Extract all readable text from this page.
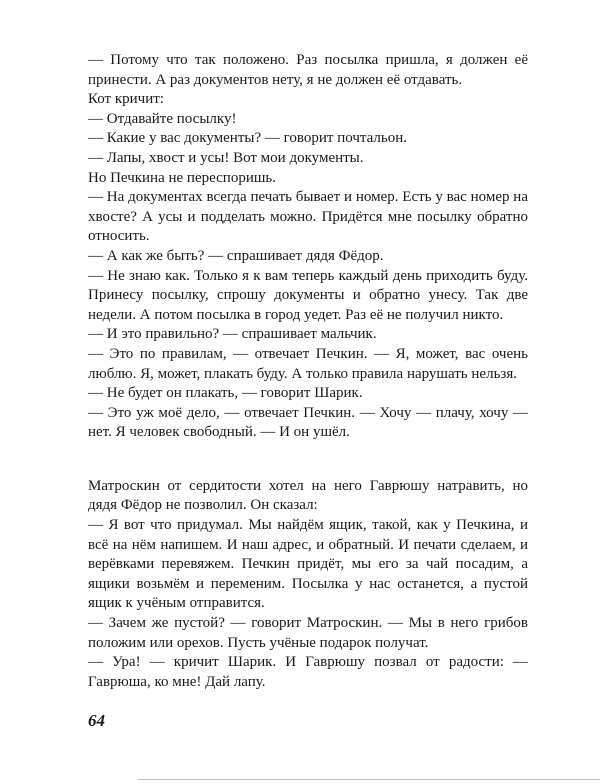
— Потому что так положено. Раз посылка пришла, я должен её принести. А раз документов нету, я не должен её отдавать.

Кот кричит:

— Отдавайте посылку!

— Какие у вас документы? — говорит почтальон.

— Лапы, хвост и усы! Вот мои документы.

Но Печкина не переспоришь.

— На документах всегда печать бывает и номер. Есть у вас номер на хвосте? А усы и подделать можно. Придётся мне посылку обратно относить.

— А как же быть? — спрашивает дядя Фёдор.

— Не знаю как. Только я к вам теперь каждый день приходить буду. Принесу посылку, спрошу документы и обратно унесу. Так две недели. А потом посылка в город уедет. Раз её не получил никто.

— И это правильно? — спрашивает мальчик.

— Это по правилам, — отвечает Печкин. — Я, может, вас очень люблю. Я, может, плакать буду. А только правила нарушать нельзя.

— Не будет он плакать, — говорит Шарик.

— Это уж моё дело, — отвечает Печкин. — Хочу — плачу, хочу — нет. Я человек свободный. — И он ушёл.

Матроскин от сердитости хотел на него Гаврюшу натравить, но дядя Фёдор не позволил. Он сказал:

— Я вот что придумал. Мы найдём ящик, такой, как у Печкина, и всё на нём напишем. И наш адрес, и обратный. И печати сделаем, и верёвками перевяжем. Печкин придёт, мы его за чай посадим, а ящики возьмём и переменим. Посылка у нас останется, а пустой ящик к учёным отправится.

— Зачем же пустой? — говорит Матроскин. — Мы в него грибов положим или орехов. Пусть учёные подарок получат.

— Ура! — кричит Шарик. И Гаврюшу позвал от радости: — Гаврюша, ко мне! Дай лапу.

64
